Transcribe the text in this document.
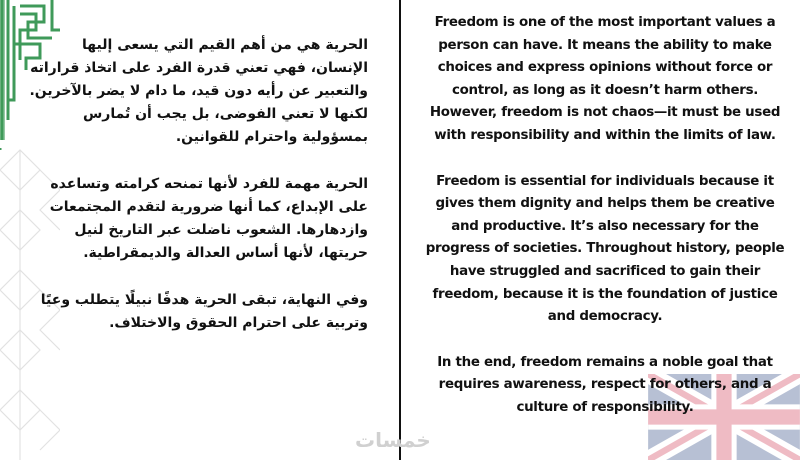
الحرية هي من أهم القيم التي يسعى إليها الإنسان، فهي تعني قدرة الفرد على اتخاذ قراراته والتعبير عن رأيه دون قيد، ما دام لا يضر بالآخرين. لكنها لا تعني الفوضى، بل يجب أن تُمارس بمسؤولية واحترام للقوانين.

الحرية مهمة للفرد لأنها تمنحه كرامته وتساعده على الإبداع، كما أنها ضرورية لتقدم المجتمعات وازدهارها. الشعوب ناضلت عبر التاريخ لنيل حريتها، لأنها أساس العدالة والديمقراطية.

وفي النهاية، تبقى الحرية هدفًا نبيلًا يتطلب وعيًا وتربية على احترام الحقوق والاختلاف.

Freedom is one of the most important values a person can have. It means the ability to make choices and express opinions without force or control, as long as it doesn’t harm others. However, freedom is not chaos—it must be used with responsibility and within the limits of law.

Freedom is essential for individuals because it gives them dignity and helps them be creative and productive. It’s also necessary for the progress of societies. Throughout history, people have struggled and sacrificed to gain their freedom, because it is the foundation of justice and democracy.

In the end, freedom remains a noble goal that requires awareness, respect for others, and a culture of responsibility.

خمسات
